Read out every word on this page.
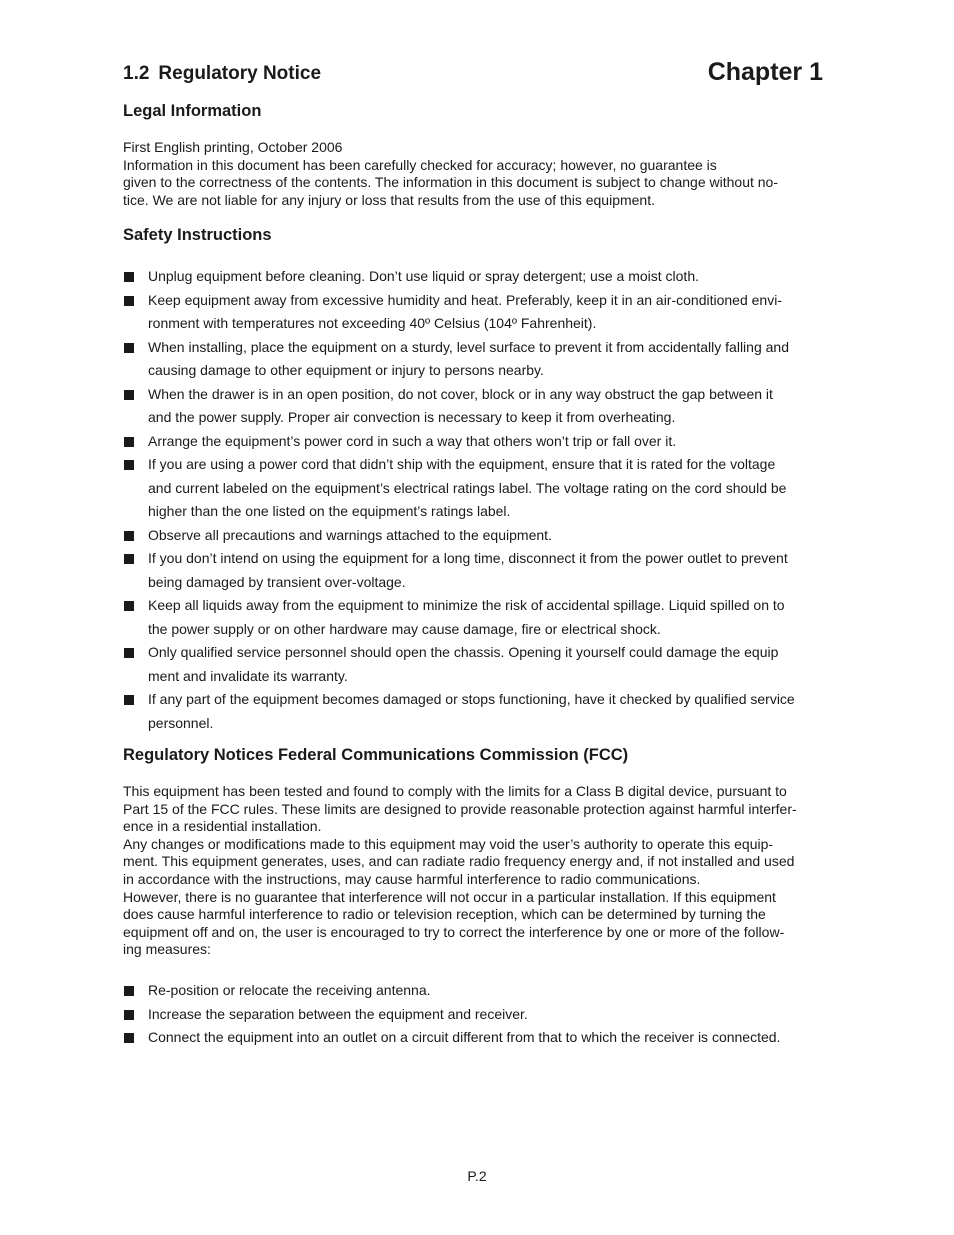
1.2 Regulatory Notice	Chapter 1
Legal Information

First English printing, October 2006

Information in this document has been carefully checked for accuracy; however, no guarantee is

given to the correctness of the contents. The information in this document is subject to change without no-

tice. We are not liable for any injury or loss that results from the use of this equipment.

Safety Instructions
Unplug equipment before cleaning. Don’t use liquid or spray detergent; use a moist cloth.
Keep equipment away from excessive humidity and heat. Preferably, keep it in an air-conditioned envi-
ronment with temperatures not exceeding 40º Celsius (104º Fahrenheit).
When installing, place the equipment on a sturdy, level surface to prevent it from accidentally falling and
causing damage to other equipment or injury to persons nearby.
When the drawer is in an open position, do not cover, block or in any way obstruct the gap between it
and the power supply. Proper air convection is necessary to keep it from overheating.
Arrange the equipment’s power cord in such a way that others won’t trip or fall over it.
If you are using a power cord that didn’t ship with the equipment, ensure that it is rated for the voltage
and current labeled on the equipment’s electrical ratings label. The voltage rating on the cord should be
higher than the one listed on the equipment’s ratings label.
Observe all precautions and warnings attached to the equipment.
If you don’t intend on using the equipment for a long time, disconnect it from the power outlet to prevent
being damaged by transient over-voltage.
Keep all liquids away from the equipment to minimize the risk of accidental spillage. Liquid spilled on to
the power supply or on other hardware may cause damage, fire or electrical shock.
Only qualified service personnel should open the chassis. Opening it yourself could damage the equip
ment and invalidate its warranty.
If any part of the equipment becomes damaged or stops functioning, have it checked by qualified service
personnel.
Regulatory Notices Federal Communications Commission (FCC)

This equipment has been tested and found to comply with the limits for a Class B digital device, pursuant to

Part 15 of the FCC rules. These limits are designed to provide reasonable protection against harmful interfer-

ence in a residential installation.

Any changes or modifications made to this equipment may void the user’s authority to operate this equip-

ment. This equipment generates, uses, and can radiate radio frequency energy and, if not installed and used

in accordance with the instructions, may cause harmful interference to radio communications.

However, there is no guarantee that interference will not occur in a particular installation. If this equipment

does cause harmful interference to radio or television reception, which can be determined by turning the

equipment off and on, the user is encouraged to try to correct the interference by one or more of the follow-

ing measures:

Re-position or relocate the receiving antenna.
Increase the separation between the equipment and receiver.
Connect the equipment into an outlet on a circuit different from that to which the receiver is connected.
P.2
